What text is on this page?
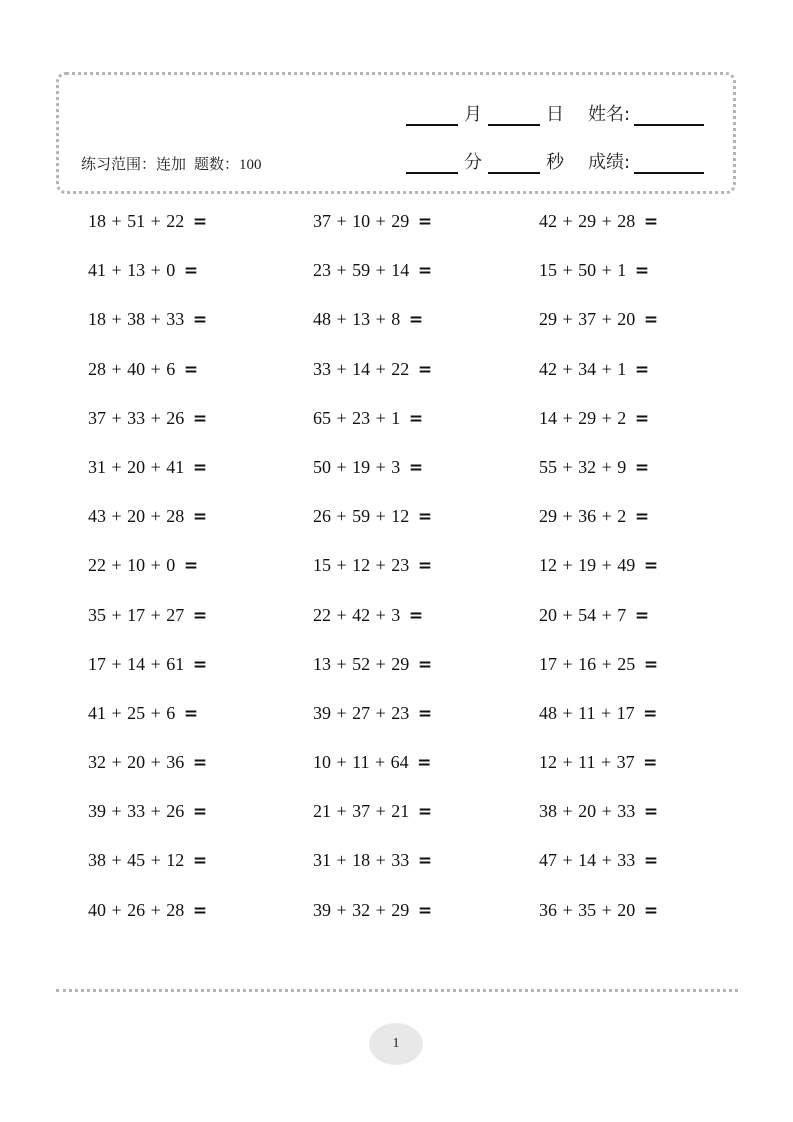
练习范围：连加 题数：100
月	日 姓名:
分	秒 成绩:
18 + 51 + 22 =	37 + 10 + 29 =	42 + 29 + 28 =
41 + 13 + 0 =	23 + 59 + 14 =	15 + 50 + 1 =
18 + 38 + 33 =	48 + 13 + 8 =	29 + 37 + 20 =
28 + 40 + 6 =	33 + 14 + 22 =	42 + 34 + 1 =
37 + 33 + 26 =	65 + 23 + 1 =	14 + 29 + 2 =
31 + 20 + 41 =	50 + 19 + 3 =	55 + 32 + 9 =
43 + 20 + 28 =	26 + 59 + 12 =	29 + 36 + 2 =
22 + 10 + 0 =	15 + 12 + 23 =	12 + 19 + 49 =
35 + 17 + 27 =	22 + 42 + 3 =	20 + 54 + 7 =
17 + 14 + 61 =	13 + 52 + 29 =	17 + 16 + 25 =
41 + 25 + 6 =	39 + 27 + 23 =	48 + 11 + 17 =
32 + 20 + 36 =	10 + 11 + 64 =	12 + 11 + 37 =
39 + 33 + 26 =	21 + 37 + 21 =	38 + 20 + 33 =
38 + 45 + 12 =	31 + 18 + 33 =	47 + 14 + 33 =
40 + 26 + 28 =	39 + 32 + 29 =	36 + 35 + 20 =
1
